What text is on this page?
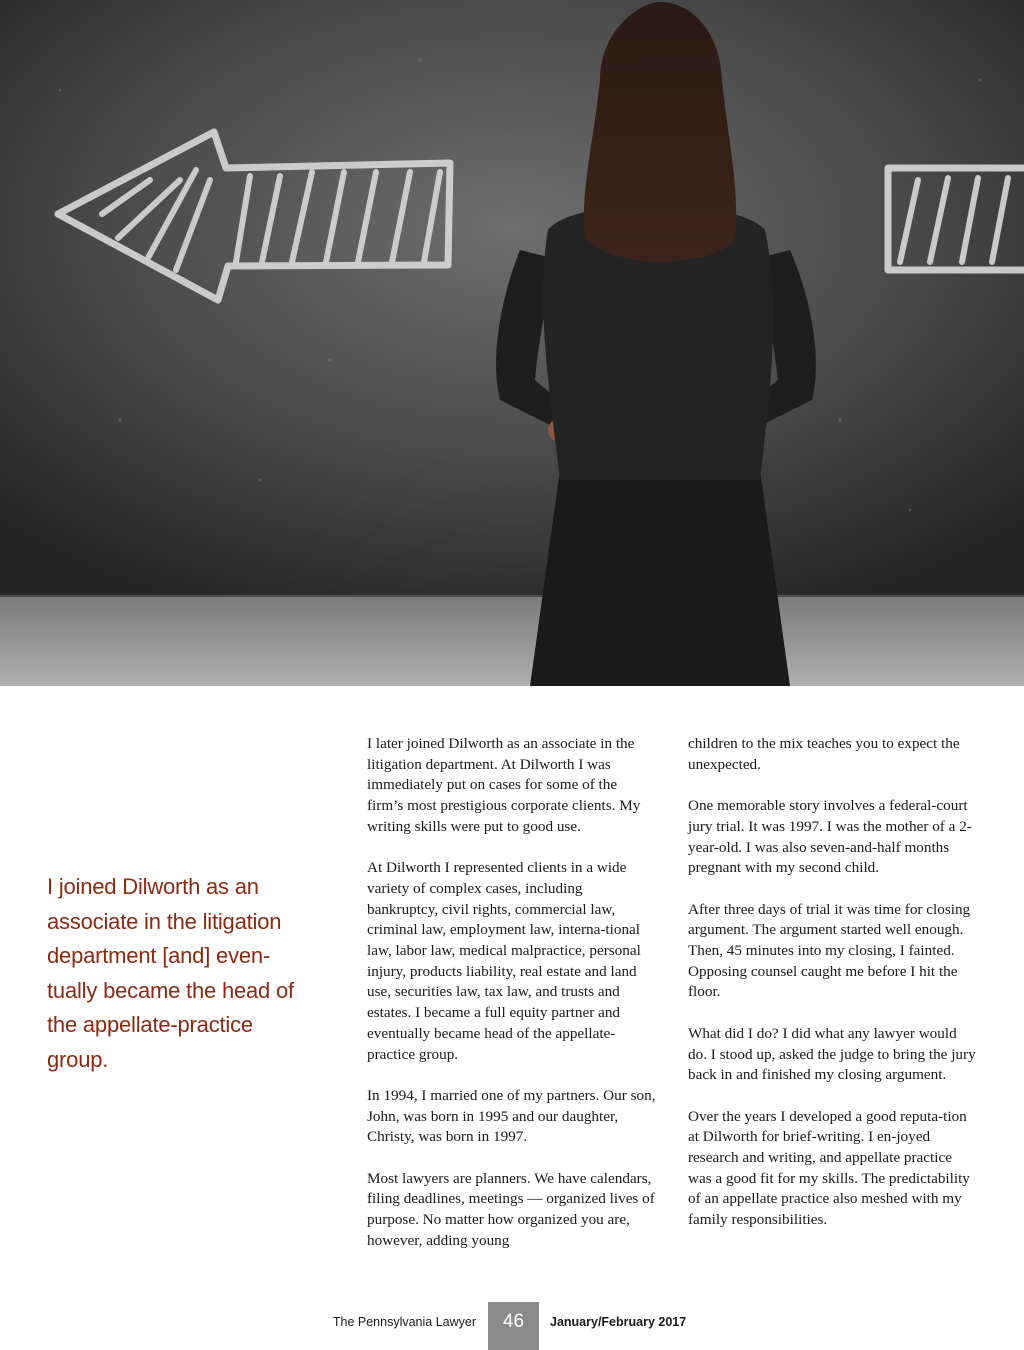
I joined Dilworth as an associate in the litigation department [and] even-tually became the head of the appellate-practice group.

I later joined Dilworth as an associate in the litigation department. At Dilworth I was immediately put on cases for some of the firm’s most prestigious corporate clients. My writing skills were put to good use.

At Dilworth I represented clients in a wide variety of complex cases, including bankruptcy, civil rights, commercial law, criminal law, employment law, interna-tional law, labor law, medical malpractice, personal injury, products liability, real estate and land use, securities law, tax law, and trusts and estates. I became a full equity partner and eventually became head of the appellate-practice group.

In 1994, I married one of my partners. Our son, John, was born in 1995 and our daughter, Christy, was born in 1997.

Most lawyers are planners. We have calendars, filing deadlines, meetings — organized lives of purpose. No matter how organized you are, however, adding young

children to the mix teaches you to expect the unexpected.

One memorable story involves a federal-court jury trial. It was 1997. I was the mother of a 2-year-old. I was also seven-and-half months pregnant with my second child.

After three days of trial it was time for closing argument. The argument started well enough. Then, 45 minutes into my closing, I fainted. Opposing counsel caught me before I hit the floor.

What did I do? I did what any lawyer would do. I stood up, asked the judge to bring the jury back in and finished my closing argument.

Over the years I developed a good reputa-tion at Dilworth for brief-writing. I en-joyed research and writing, and appellate practice was a good fit for my skills. The predictability of an appellate practice also meshed with my family responsibilities.

The Pennsylvania Lawyer	46	January/February 2017
